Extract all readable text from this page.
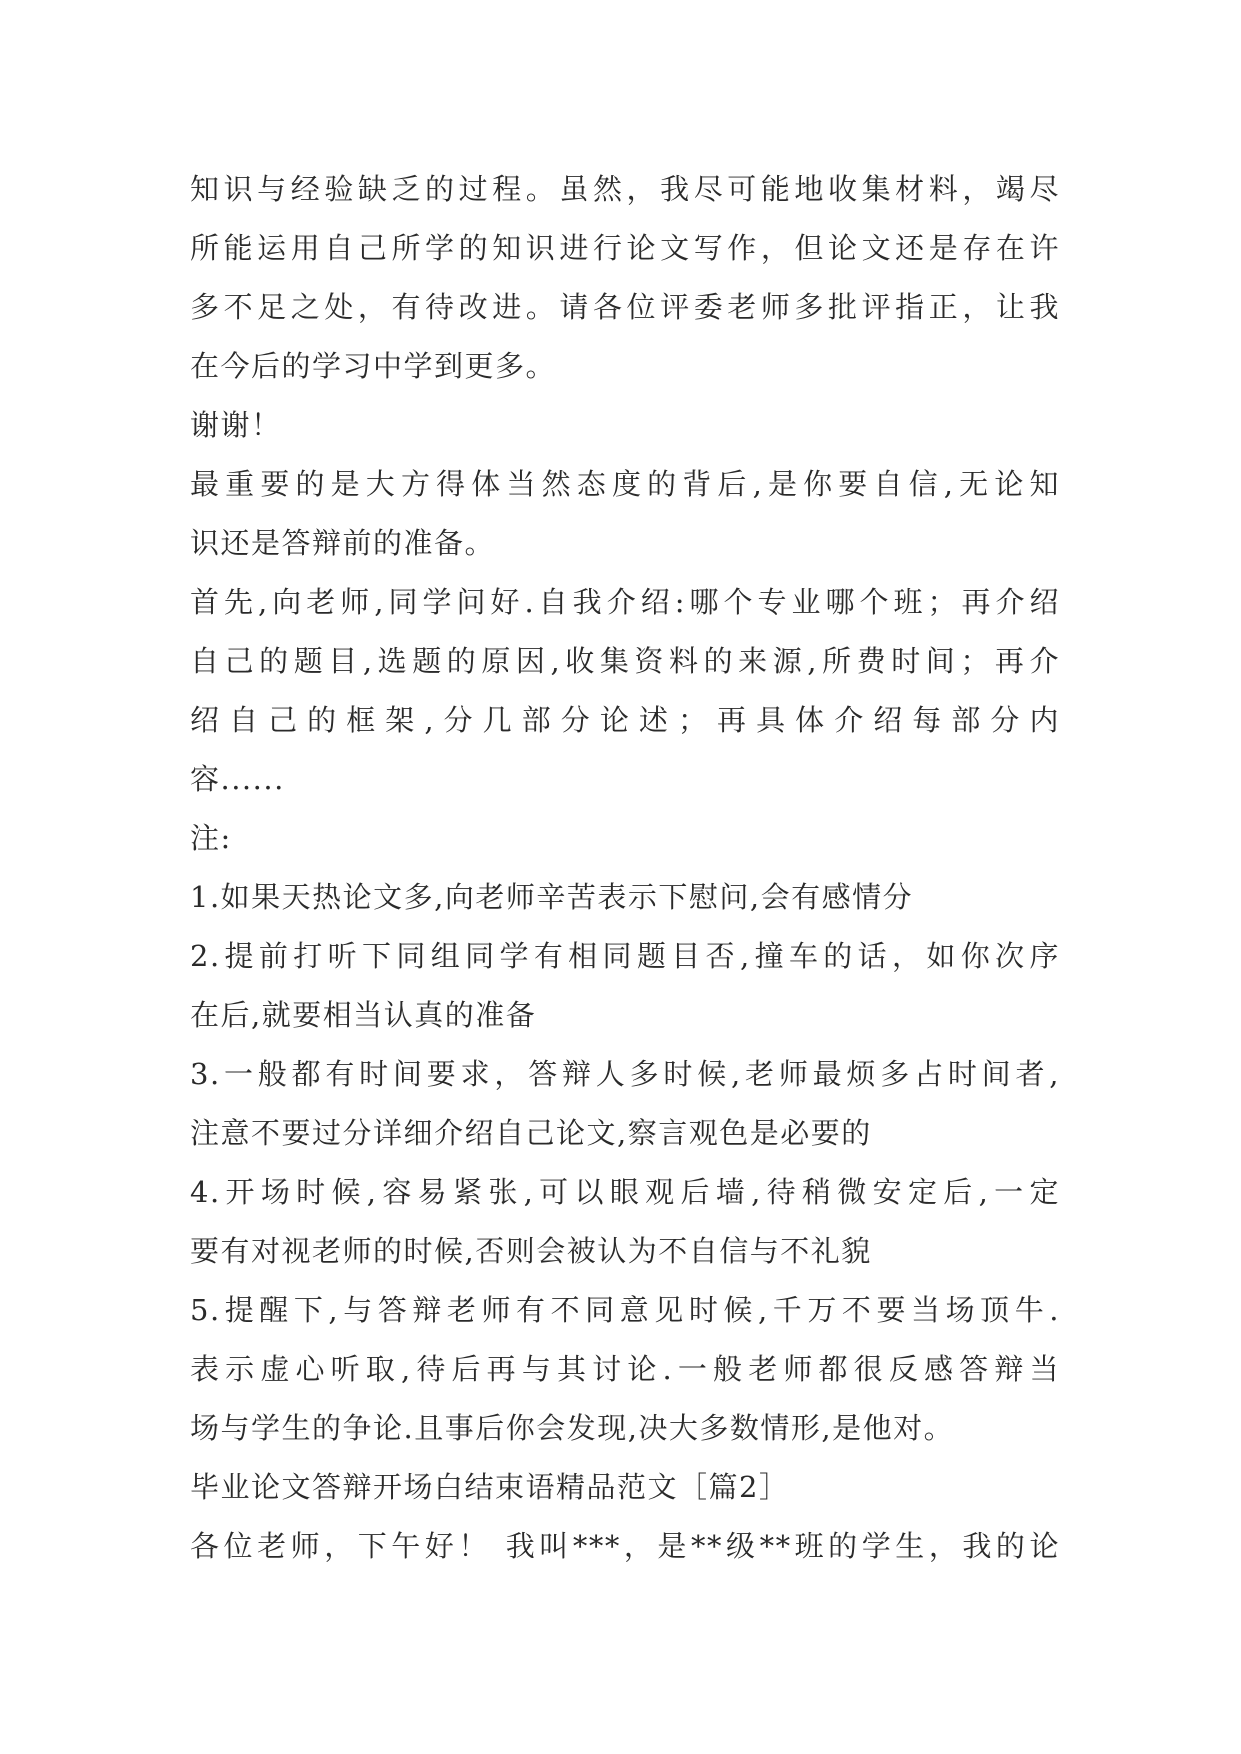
知识与经验缺乏的过程。虽然，我尽可能地收集材料，竭尽
所能运用自己所学的知识进行论文写作，但论文还是存在许
多不足之处，有待改进。请各位评委老师多批评指正，让我
在今后的学习中学到更多。
谢谢！
最重要的是大方得体当然态度的背后,是你要自信,无论知
识还是答辩前的准备。
首先,向老师,同学问好.自我介绍:哪个专业哪个班；再介绍
自己的题目,选题的原因,收集资料的来源,所费时间；再介
绍自己的框架,分几部分论述；再具体介绍每部分内
容......
注:
1.如果天热论文多,向老师辛苦表示下慰问,会有感情分
2.提前打听下同组同学有相同题目否,撞车的话，如你次序
在后,就要相当认真的准备
3.一般都有时间要求，答辩人多时候,老师最烦多占时间者,
注意不要过分详细介绍自己论文,察言观色是必要的
4.开场时候,容易紧张,可以眼观后墙,待稍微安定后,一定
要有对视老师的时候,否则会被认为不自信与不礼貌
5.提醒下,与答辩老师有不同意见时候,千万不要当场顶牛.
表示虚心听取,待后再与其讨论.一般老师都很反感答辩当
场与学生的争论.且事后你会发现,决大多数情形,是他对。
毕业论文答辩开场白结束语精品范文［篇2］
各位老师，下午好！ 我叫***，是**级**班的学生，我的论
